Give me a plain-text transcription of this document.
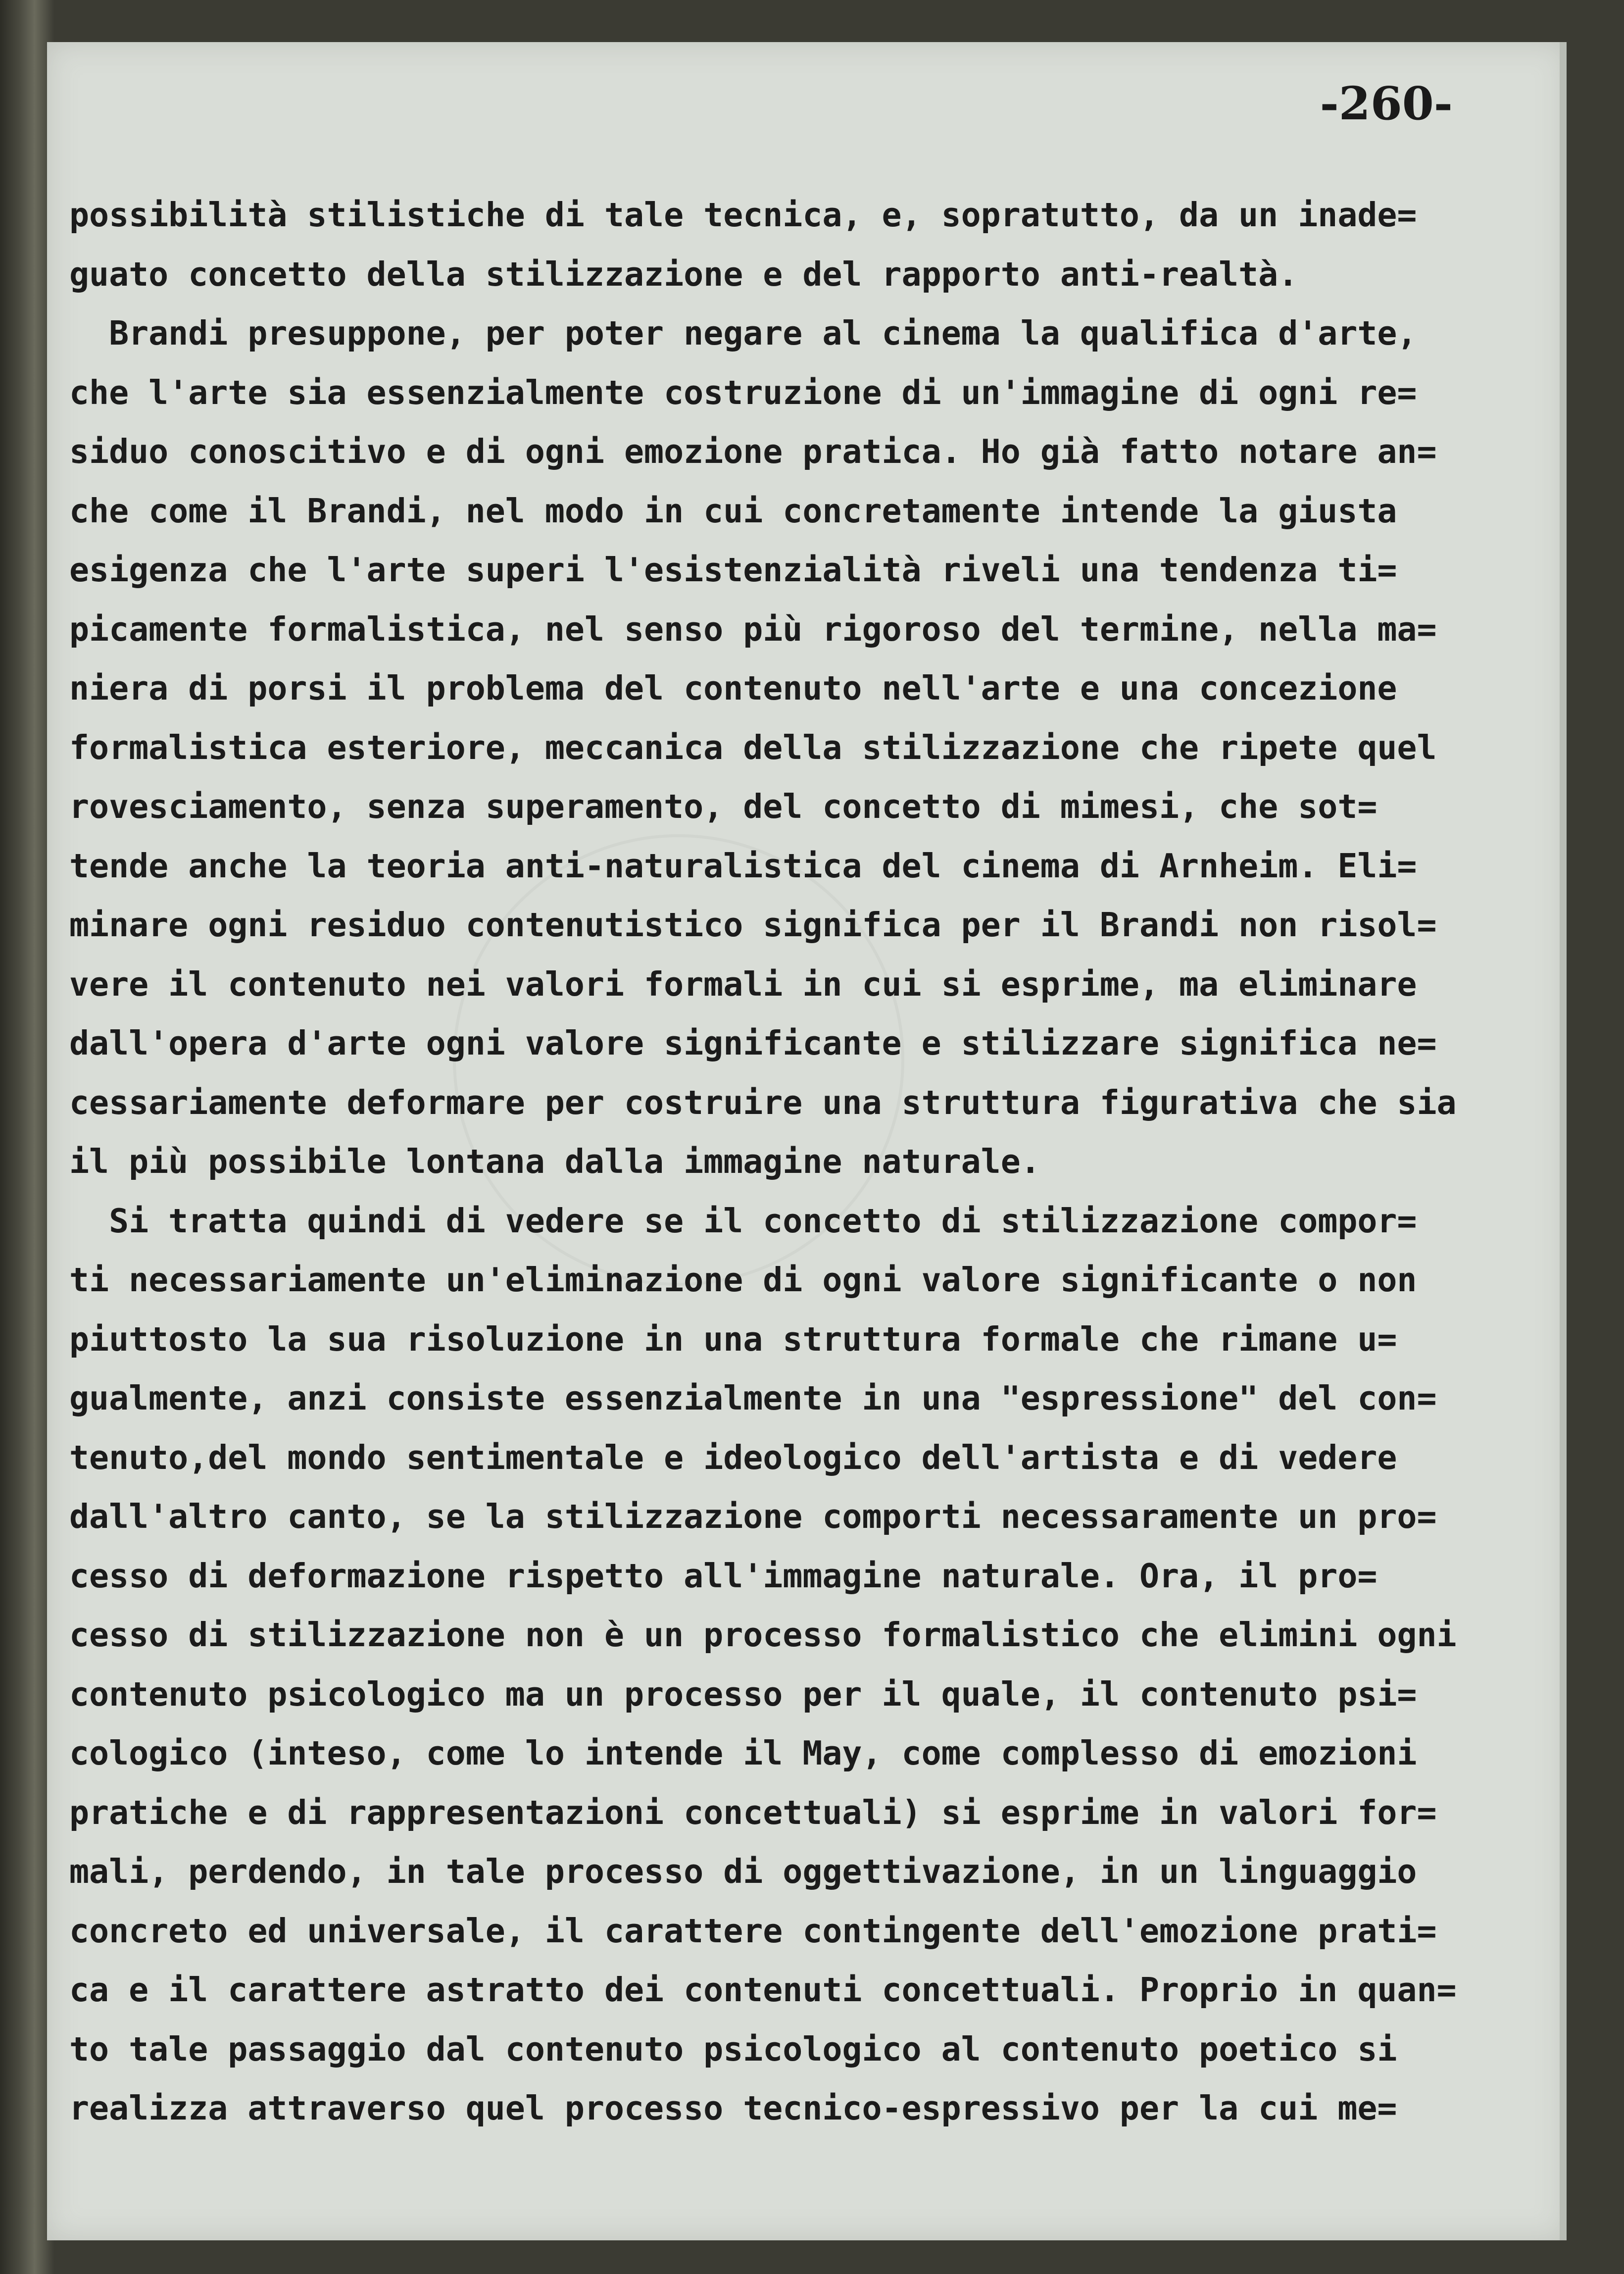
-260-
possibilità stilistiche di tale tecnica, e, sopratutto, da un inade=
guato concetto della stilizzazione e del rapporto anti-realtà.
Brandi presuppone, per poter negare al cinema la qualifica d'arte,
che l'arte sia essenzialmente costruzione di un'immagine di ogni re=
siduo conoscitivo e di ogni emozione pratica. Ho già fatto notare an=
che come il Brandi, nel modo in cui concretamente intende la giusta
esigenza che l'arte superi l'esistenzialità riveli una tendenza ti=
picamente formalistica, nel senso più rigoroso del termine, nella ma=
niera di porsi il problema del contenuto nell'arte e una concezione
formalistica esteriore, meccanica della stilizzazione che ripete quel
rovesciamento, senza superamento, del concetto di mimesi, che sot=
tende anche la teoria anti-naturalistica del cinema di Arnheim. Eli=
minare ogni residuo contenutistico significa per il Brandi non risol=
vere il contenuto nei valori formali in cui si esprime, ma eliminare
dall'opera d'arte ogni valore significante e stilizzare significa ne=
cessariamente deformare per costruire una struttura figurativa che sia
il più possibile lontana dalla immagine naturale.
Si tratta quindi di vedere se il concetto di stilizzazione compor=
ti necessariamente un'eliminazione di ogni valore significante o non
piuttosto la sua risoluzione in una struttura formale che rimane u=
gualmente, anzi consiste essenzialmente in una "espressione" del con=
tenuto,del mondo sentimentale e ideologico dell'artista e di vedere
dall'altro canto, se la stilizzazione comporti necessaramente un pro=
cesso di deformazione rispetto all'immagine naturale. Ora, il pro=
cesso di stilizzazione non è un processo formalistico che elimini ogni
contenuto psicologico ma un processo per il quale, il contenuto psi=
cologico (inteso, come lo intende il May, come complesso di emozioni
pratiche e di rappresentazioni concettuali) si esprime in valori for=
mali, perdendo, in tale processo di oggettivazione, in un linguaggio
concreto ed universale, il carattere contingente dell'emozione prati=
ca e il carattere astratto dei contenuti concettuali. Proprio in quan=
to tale passaggio dal contenuto psicologico al contenuto poetico si
realizza attraverso quel processo tecnico-espressivo per la cui me=
